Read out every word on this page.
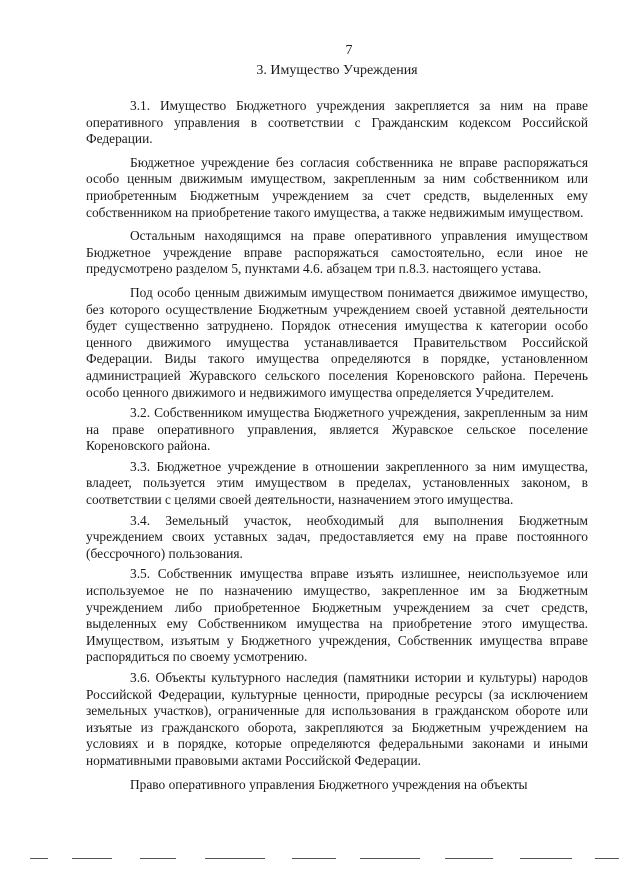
7
3. Имущество Учреждения

3.1. Имущество Бюджетного учреждения закрепляется за ним на праве оперативного управления в соответствии с Гражданским кодексом Российской Федерации.

Бюджетное учреждение без согласия собственника не вправе распоряжаться особо ценным движимым имуществом, закрепленным за ним собственником или приобретенным Бюджетным учреждением за счет средств, выделенных ему собственником на приобретение такого имущества, а также недвижимым имуществом.

Остальным находящимся на праве оперативного управления имуществом Бюджетное учреждение вправе распоряжаться самостоятельно, если иное не предусмотрено разделом 5, пунктами 4.6. абзацем три п.8.3. настоящего устава.

Под особо ценным движимым имуществом понимается движимое имущество, без которого осуществление Бюджетным учреждением своей уставной деятельности будет существенно затруднено. Порядок отнесения имущества к категории особо ценного движимого имущества устанавливается Правительством Российской Федерации. Виды такого имущества определяются в порядке, установленном администрацией Журавского сельского поселения Кореновского района. Перечень особо ценного движимого и недвижимого имущества определяется Учредителем.

3.2. Собственником имущества Бюджетного учреждения, закрепленным за ним на праве оперативного управления, является Журавское сельское поселение Кореновского района.

3.3. Бюджетное учреждение в отношении закрепленного за ним имущества, владеет, пользуется этим имуществом в пределах, установленных законом, в соответствии с целями своей деятельности, назначением этого имущества.

3.4. Земельный участок, необходимый для выполнения Бюджетным учреждением своих уставных задач, предоставляется ему на праве постоянного (бессрочного) пользования.

3.5. Собственник имущества вправе изъять излишнее, неиспользуемое или используемое не по назначению имущество, закрепленное им за Бюджетным учреждением либо приобретенное Бюджетным учреждением за счет средств, выделенных ему Собственником имущества на приобретение этого имущества. Имуществом, изъятым у Бюджетного учреждения, Собственник имущества вправе распорядиться по своему усмотрению.

3.6. Объекты культурного наследия (памятники истории и культуры) народов Российской Федерации, культурные ценности, природные ресурсы (за исключением земельных участков), ограниченные для использования в гражданском обороте или изъятые из гражданского оборота, закрепляются за Бюджетным учреждением на условиях и в порядке, которые определяются федеральными законами и иными нормативными правовыми актами Российской Федерации.

Право оперативного управления Бюджетного учреждения на объекты
